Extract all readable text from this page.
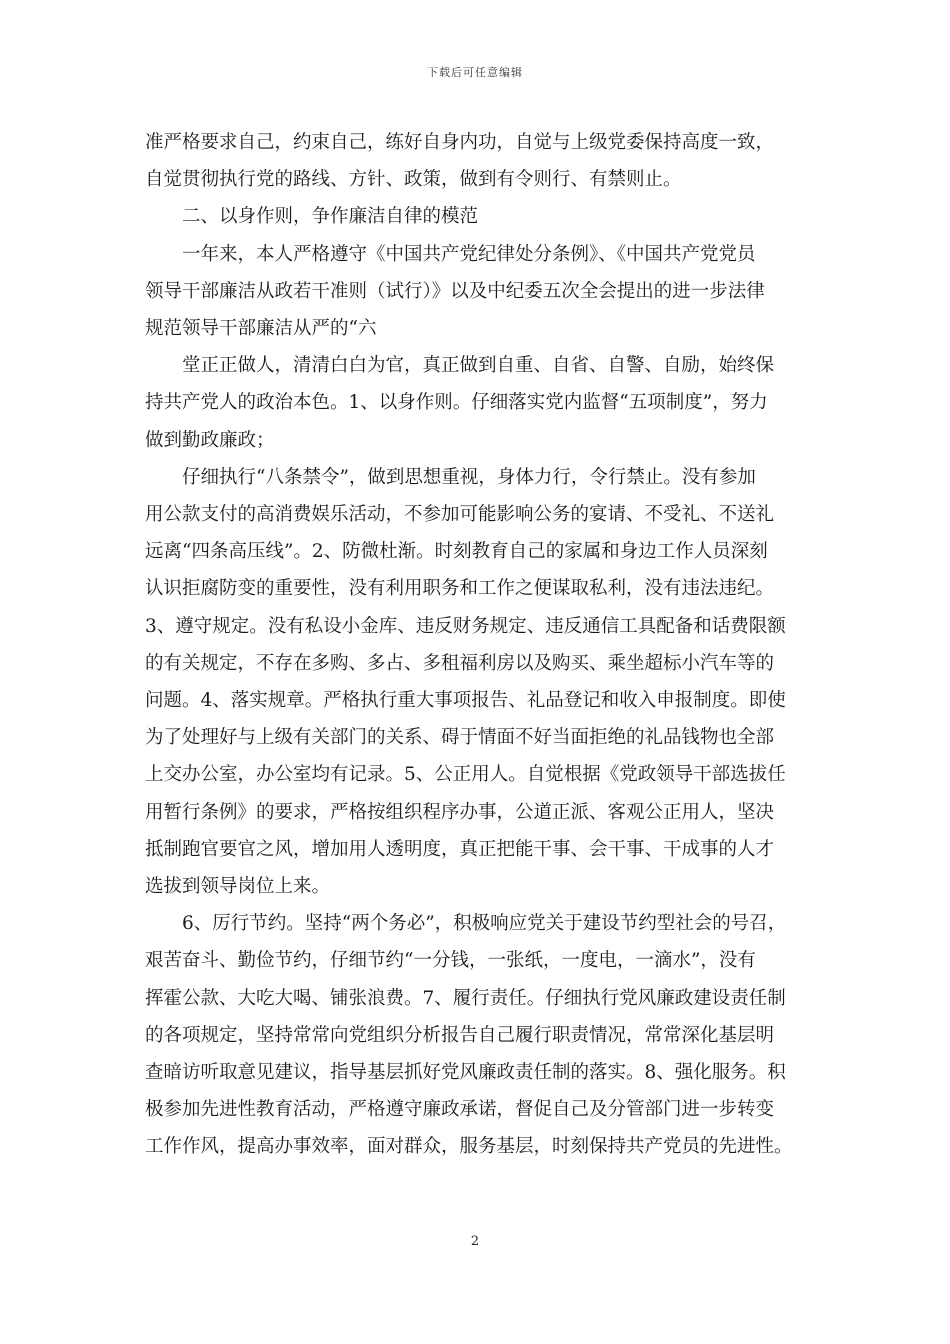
下载后可任意编辑

准严格要求自己，约束自己，练好自身内功，自觉与上级党委保持高度一致，

自觉贯彻执行党的路线、方针、政策，做到有令则行、有禁则止。

二、以身作则，争作廉洁自律的模范

一年来，本人严格遵守《中国共产党纪律处分条例》、《中国共产党党员

领导干部廉洁从政若干准则（试行）》以及中纪委五次全会提出的进一步法律

规范领导干部廉洁从严的“六

堂正正做人，清清白白为官，真正做到自重、自省、自警、自励，始终保

持共产党人的政治本色。1、以身作则。仔细落实党内监督“五项制度”，努力

做到勤政廉政；

仔细执行“八条禁令”，做到思想重视，身体力行，令行禁止。没有参加

用公款支付的高消费娱乐活动，不参加可能影响公务的宴请、不受礼、不送礼

远离“四条高压线”。2、防微杜渐。时刻教育自己的家属和身边工作人员深刻

认识拒腐防变的重要性，没有利用职务和工作之便谋取私利，没有违法违纪。

3、遵守规定。没有私设小金库、违反财务规定、违反通信工具配备和话费限额

的有关规定，不存在多购、多占、多租福利房以及购买、乘坐超标小汽车等的

问题。4、落实规章。严格执行重大事项报告、礼品登记和收入申报制度。即使

为了处理好与上级有关部门的关系、碍于情面不好当面拒绝的礼品钱物也全部

上交办公室，办公室均有记录。5、公正用人。自觉根据《党政领导干部选拔任

用暂行条例》的要求，严格按组织程序办事，公道正派、客观公正用人，坚决

抵制跑官要官之风，增加用人透明度，真正把能干事、会干事、干成事的人才

选拔到领导岗位上来。

6、厉行节约。坚持“两个务必”，积极响应党关于建设节约型社会的号召，

艰苦奋斗、勤俭节约，仔细节约“一分钱，一张纸，一度电，一滴水”，没有

挥霍公款、大吃大喝、铺张浪费。7、履行责任。仔细执行党风廉政建设责任制

的各项规定，坚持常常向党组织分析报告自己履行职责情况，常常深化基层明

查暗访听取意见建议，指导基层抓好党风廉政责任制的落实。8、强化服务。积

极参加先进性教育活动，严格遵守廉政承诺，督促自己及分管部门进一步转变

工作作风，提高办事效率，面对群众，服务基层，时刻保持共产党员的先进性。

2
